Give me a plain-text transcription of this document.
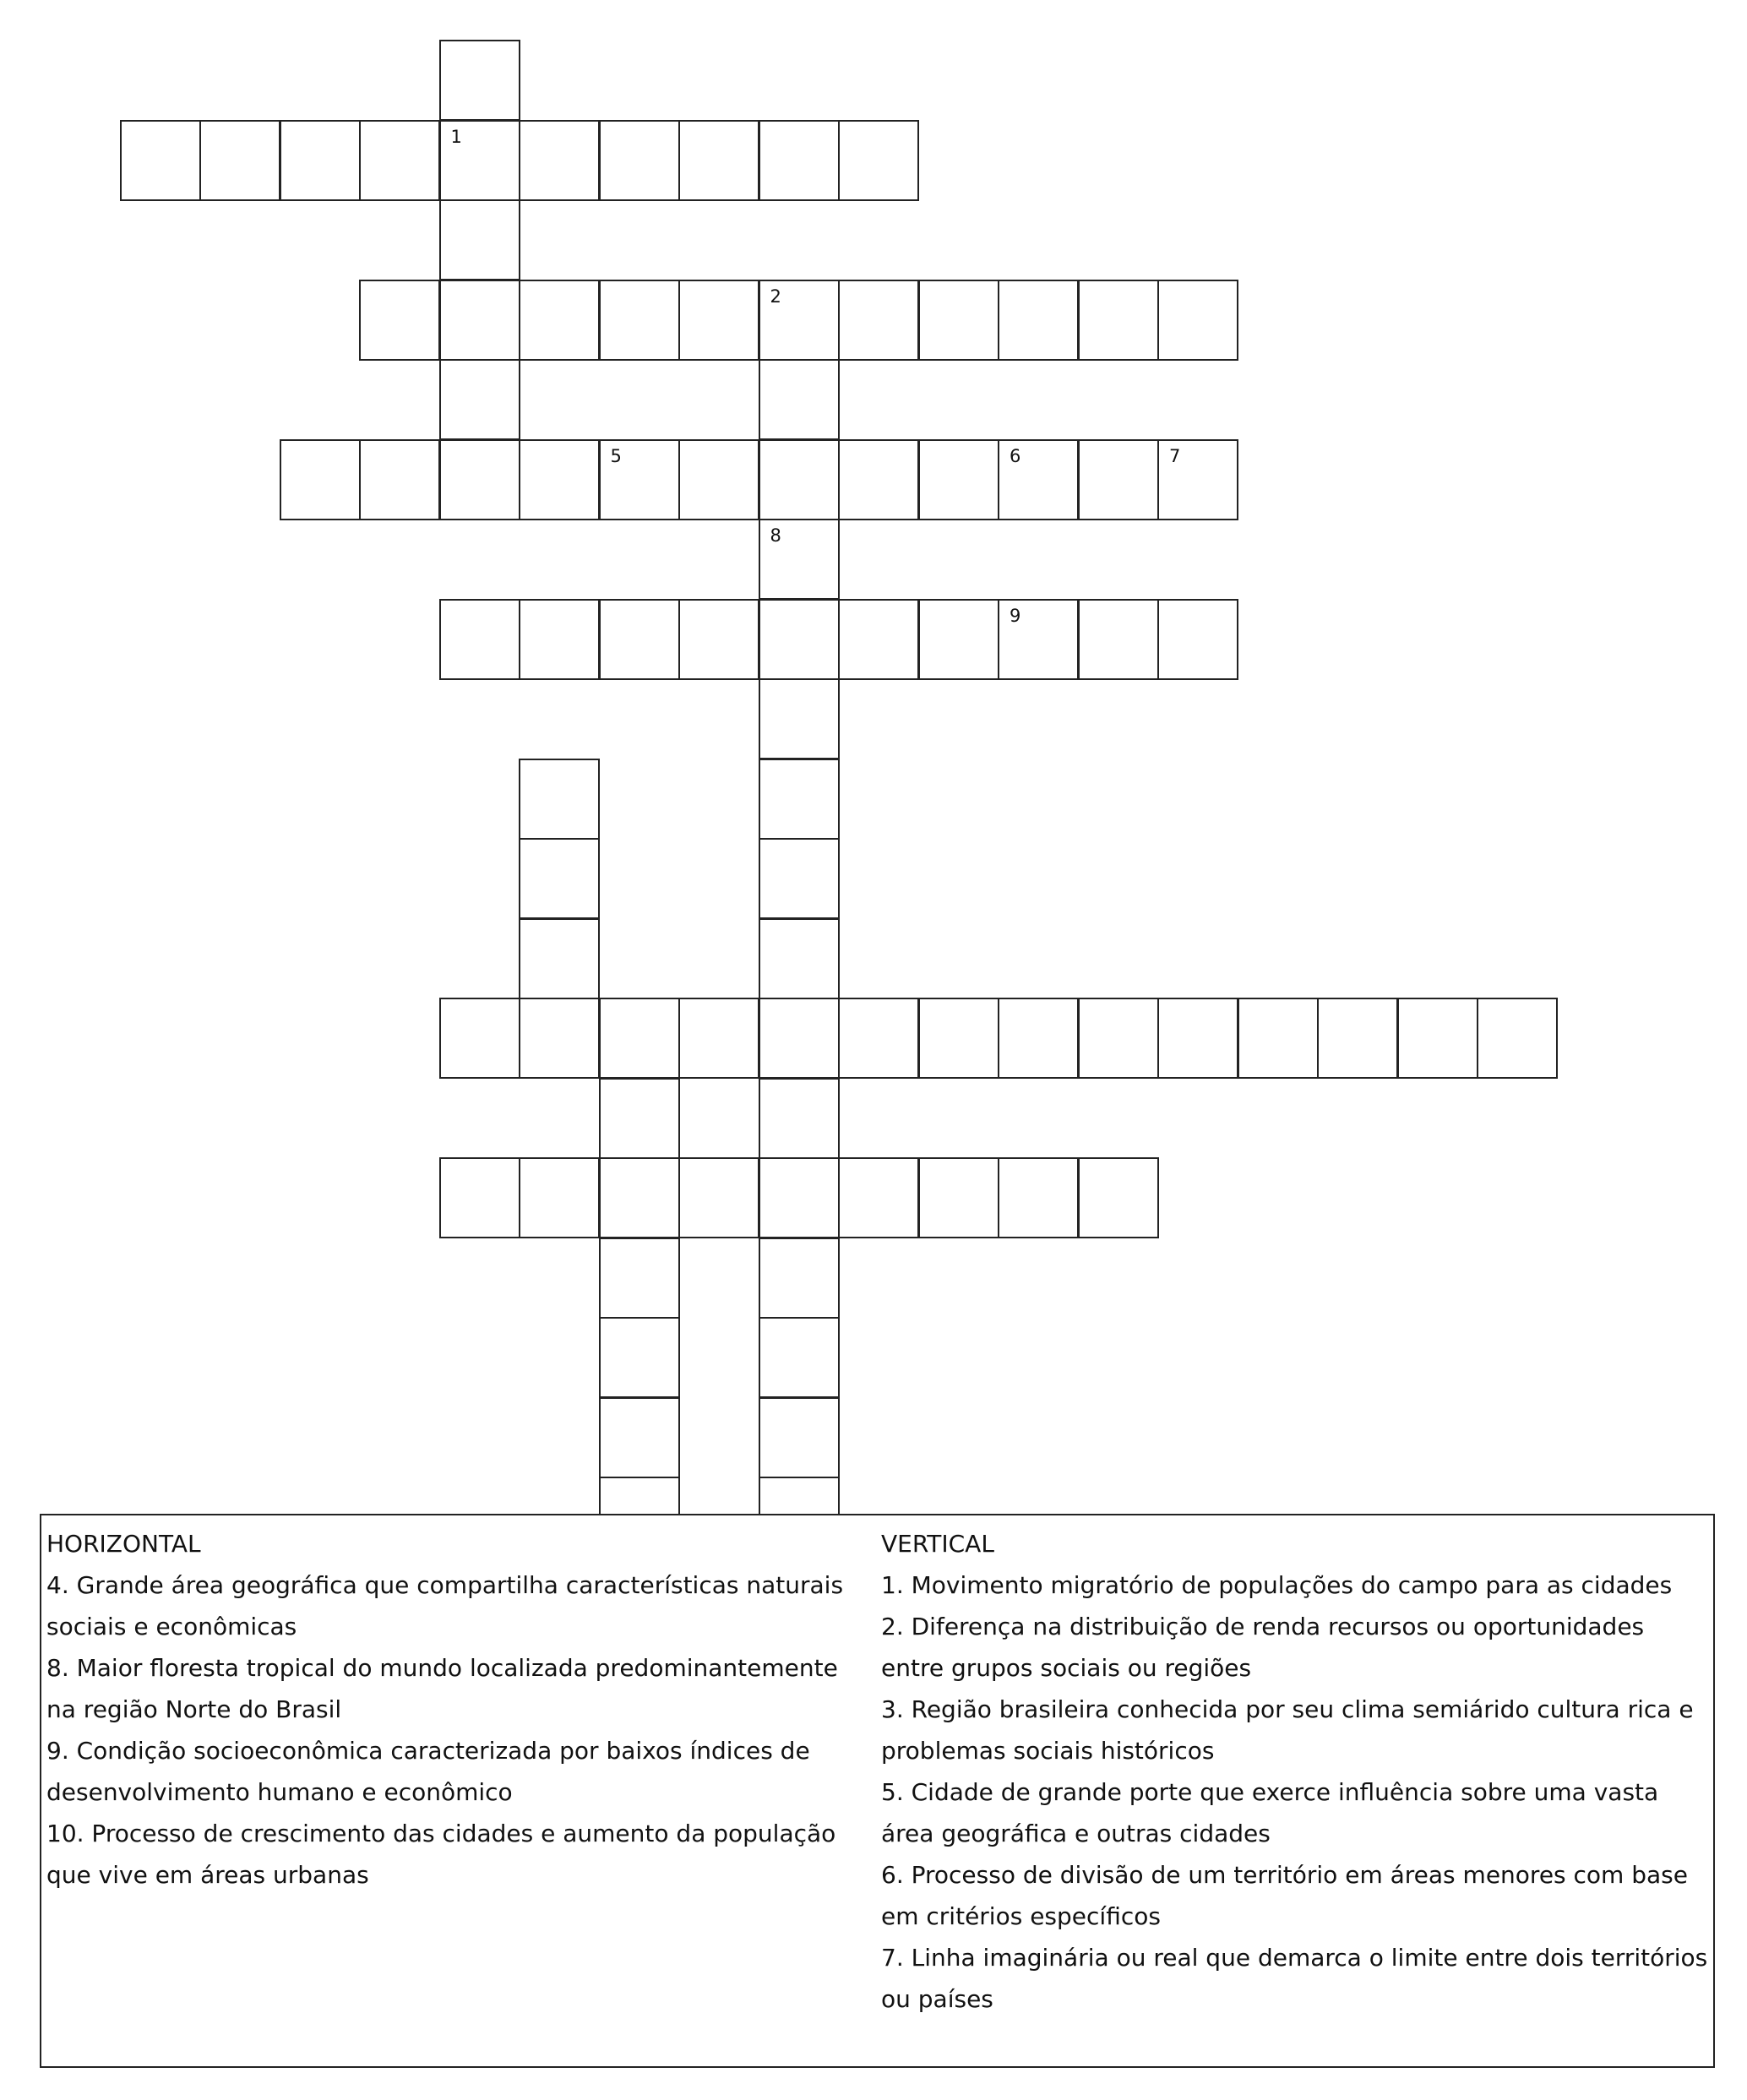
1
5	6	7
2
9
8
HORIZONTAL
4. Grande área geográfica que compartilha características naturais sociais e econômicas
8. Maior floresta tropical do mundo localizada predominantemente na região Norte do Brasil
9. Condição socioeconômica caracterizada por baixos índices de desenvolvimento humano e econômico
10. Processo de crescimento das cidades e aumento da população que vive em áreas urbanas
VERTICAL
1. Movimento migratório de populações do campo para as cidades
2. Diferença na distribuição de renda recursos ou oportunidades entre grupos sociais ou regiões
3. Região brasileira conhecida por seu clima semiárido cultura rica e problemas sociais históricos
5. Cidade de grande porte que exerce influência sobre uma vasta área geográfica e outras cidades
6. Processo de divisão de um território em áreas menores com base em critérios específicos
7. Linha imaginária ou real que demarca o limite entre dois territórios ou países
